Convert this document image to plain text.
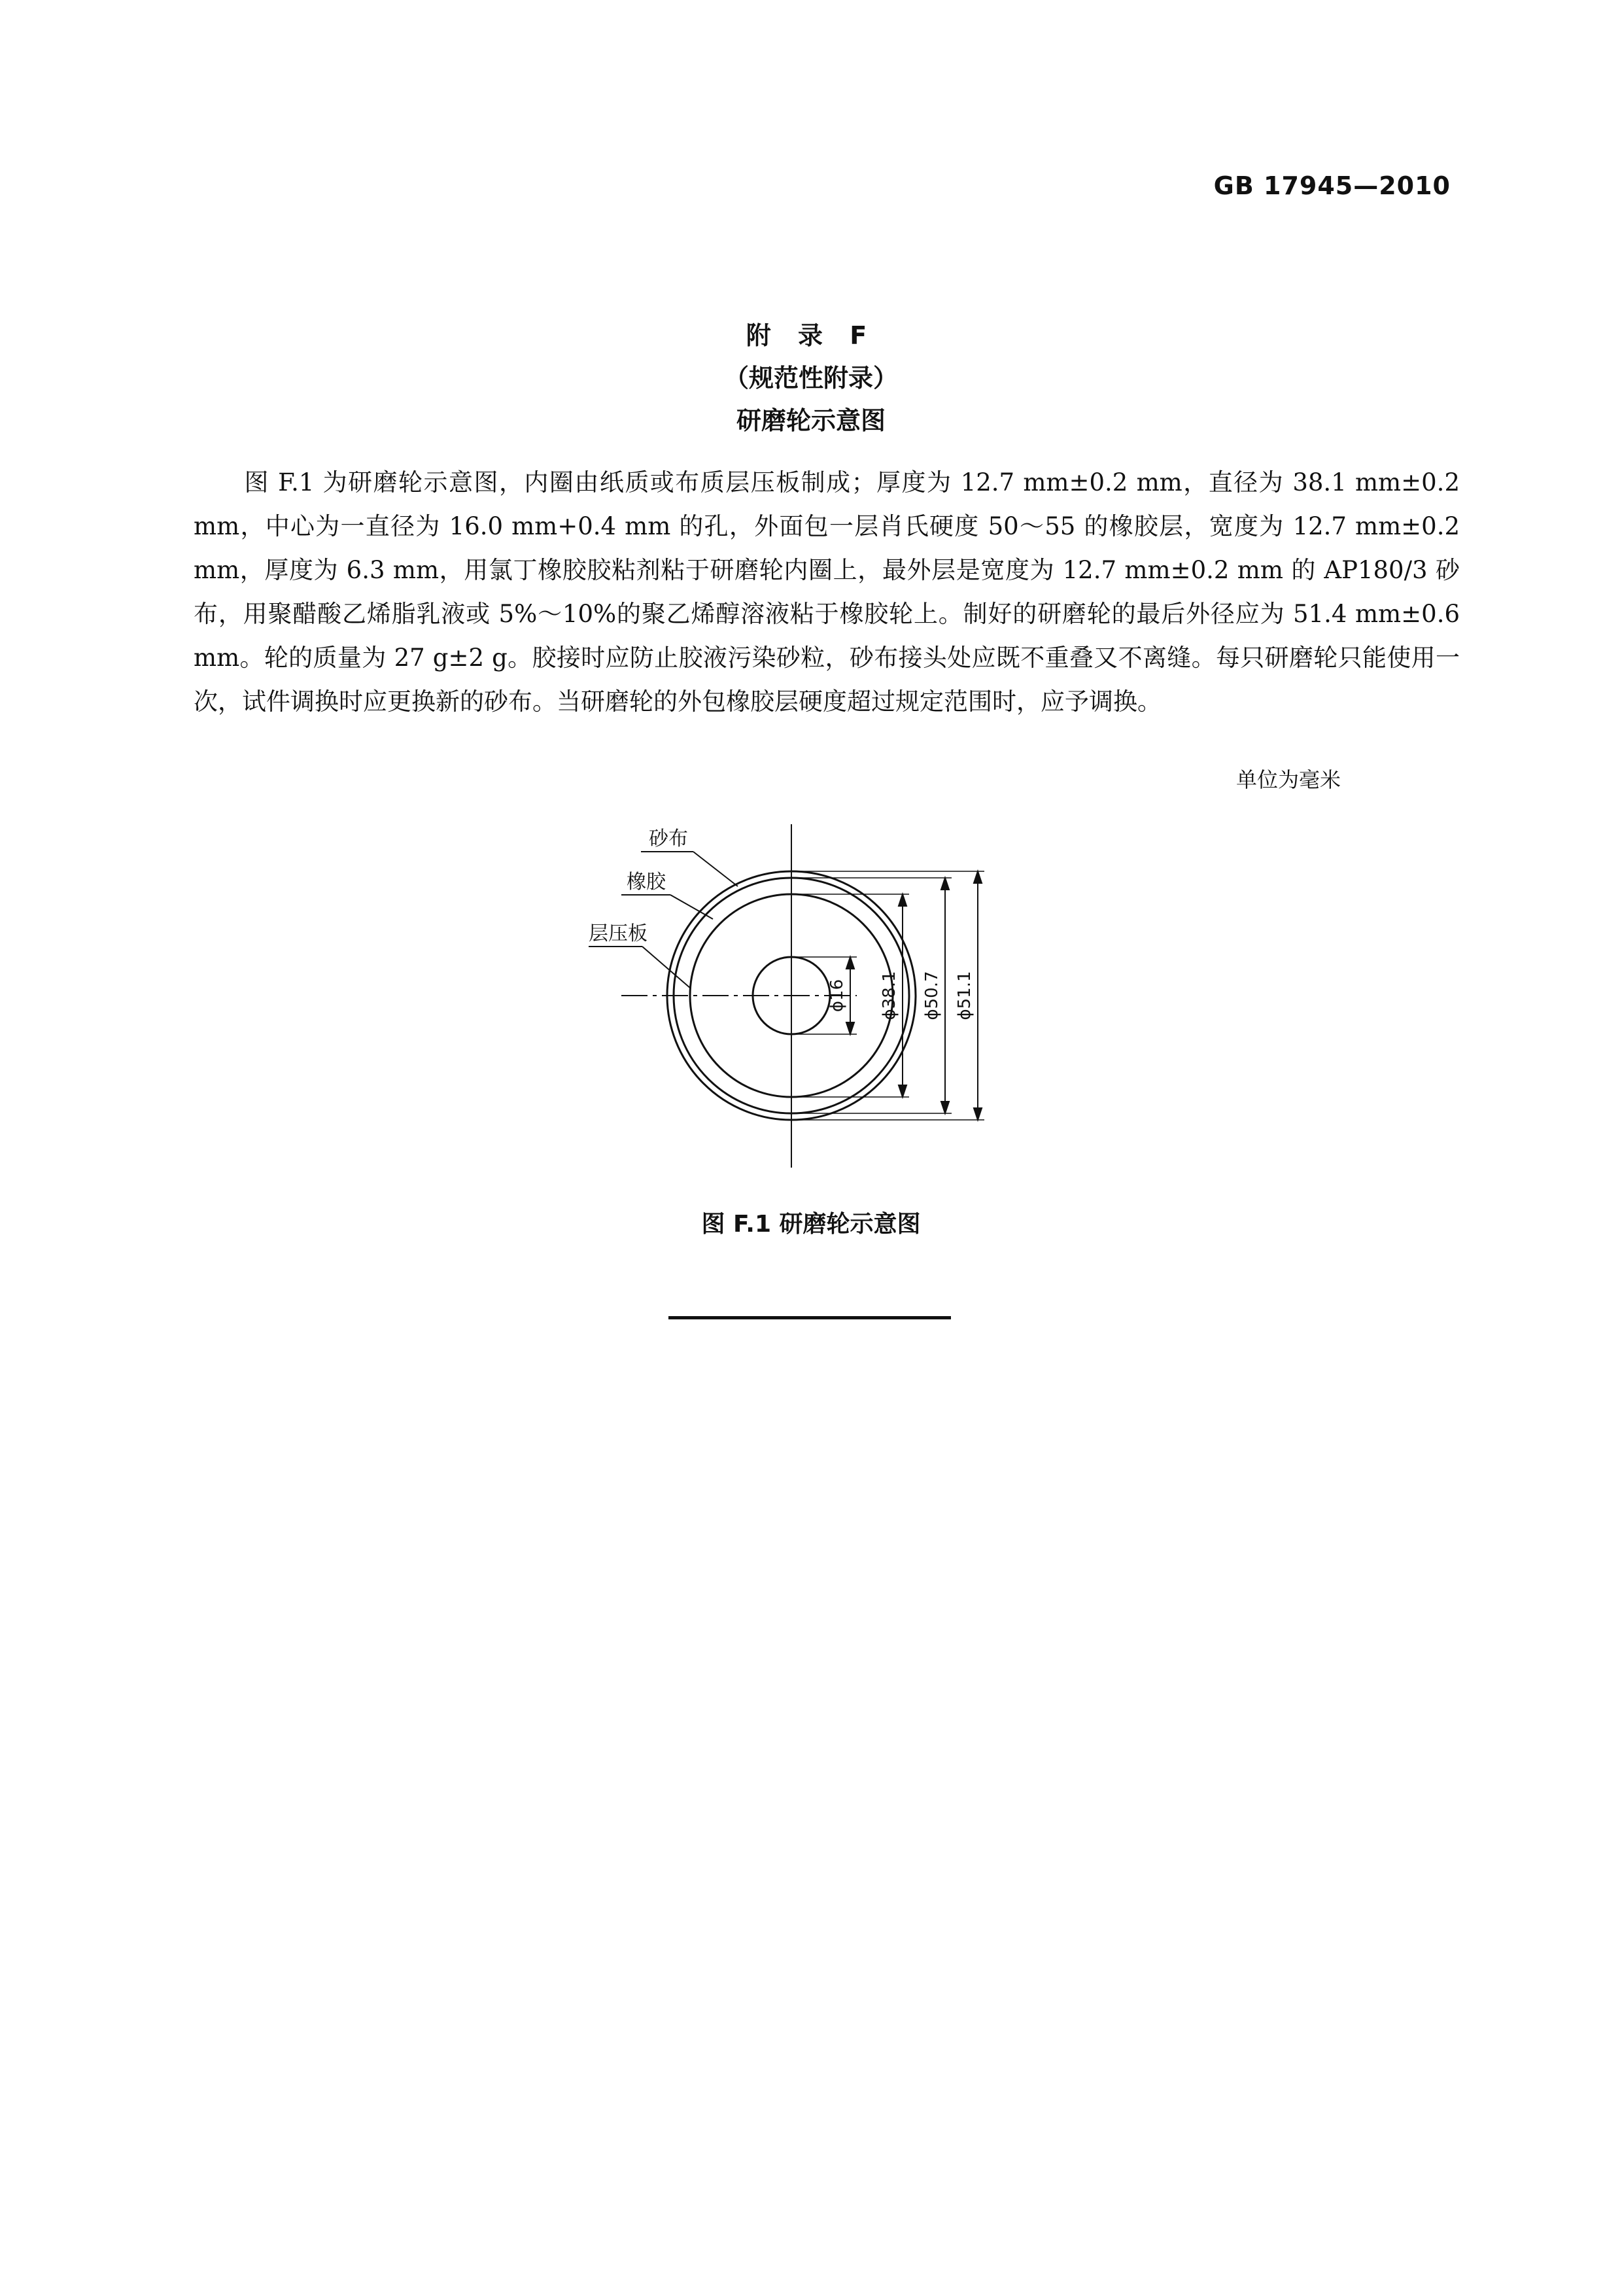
GB 17945—2010
附 录 F
（规范性附录）
研磨轮示意图

图 F.1 为研磨轮示意图，内圈由纸质或布质层压板制成；厚度为 12.7 mm±0.2 mm，直径为 38.1 mm±0.2 mm，中心为一直径为 16.0 mm+0.4 mm 的孔，外面包一层肖氏硬度 50～55 的橡胶层，宽度为 12.7 mm±0.2 mm，厚度为 6.3 mm，用氯丁橡胶胶粘剂粘于研磨轮内圈上，最外层是宽度为 12.7 mm±0.2 mm 的 AP180/3 砂布，用聚醋酸乙烯脂乳液或 5%～10%的聚乙烯醇溶液粘于橡胶轮上。制好的研磨轮的最后外径应为 51.4 mm±0.6 mm。轮的质量为 27 g±2 g。胶接时应防止胶液污染砂粒，砂布接头处应既不重叠又不离缝。每只研磨轮只能使用一次，试件调换时应更换新的砂布。当研磨轮的外包橡胶层硬度超过规定范围时，应予调换。

单位为毫米
砂布
橡胶
层压板
ϕ16 ϕ38.1 ϕ50.7 ϕ51.1
图 F.1 研磨轮示意图
